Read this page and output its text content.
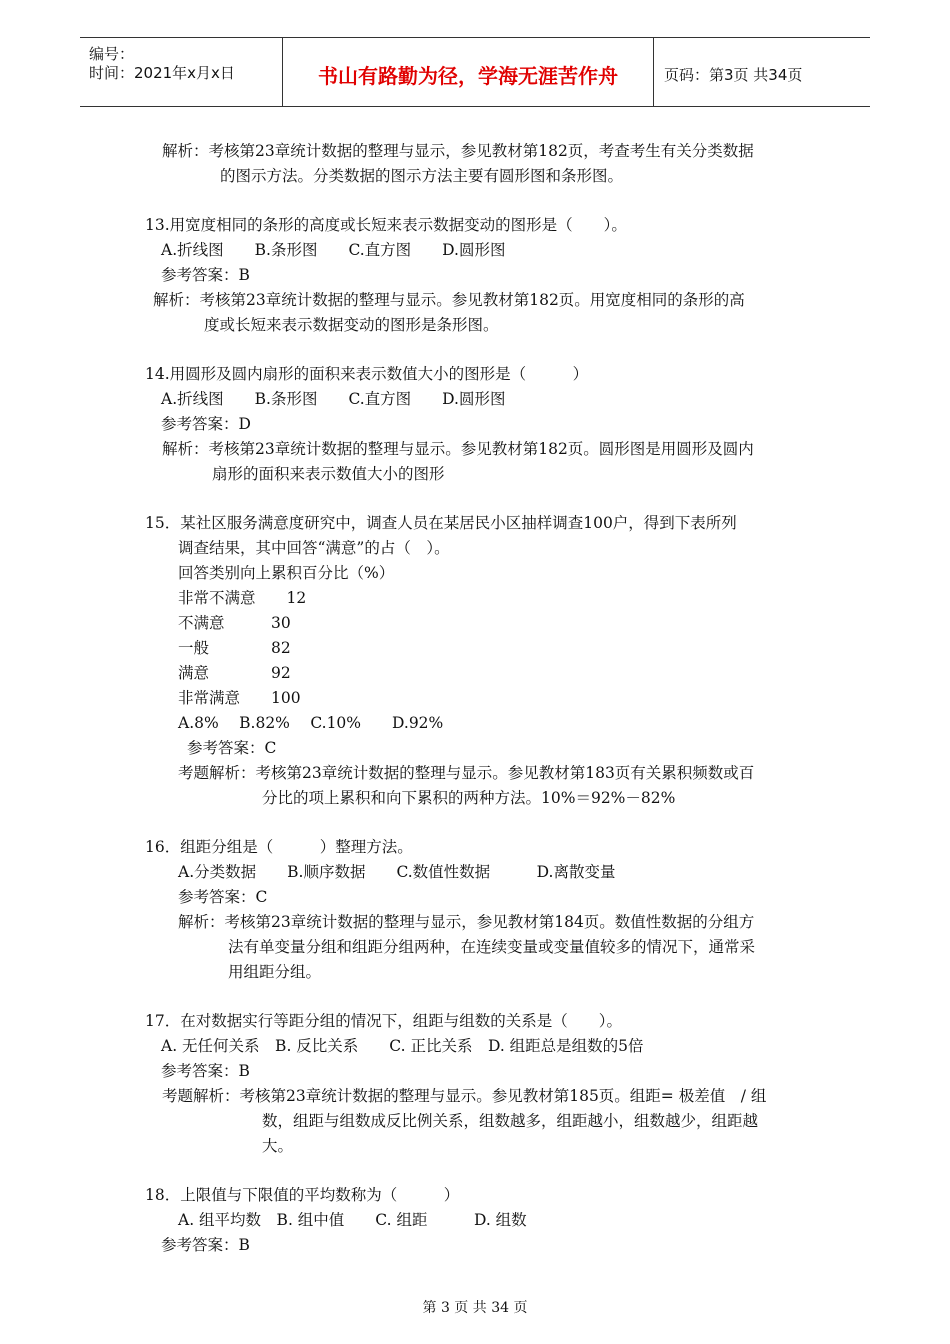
编号：
时间：2021年x月x日	书山有路勤为径，学海无涯苦作舟	页码：第3页 共34页
解析：考核第23章统计数据的整理与显示，参见教材第182页，考查考生有关分类数据
的图示方法。分类数据的图示方法主要有圆形图和条形图。
13.用宽度相同的条形的高度或长短来表示数据变动的图形是（　　）。
A.折线图　　B.条形图　　C.直方图　　D.圆形图
参考答案：B
解析：考核第23章统计数据的整理与显示。参见教材第182页。用宽度相同的条形的高
度或长短来表示数据变动的图形是条形图。
14.用圆形及圆内扇形的面积来表示数值大小的图形是（　　　）
A.折线图　　B.条形图　　C.直方图　　D.圆形图
参考答案：D
解析：考核第23章统计数据的整理与显示。参见教材第182页。圆形图是用圆形及圆内
扇形的面积来表示数值大小的图形
15．某社区服务满意度研究中，调查人员在某居民小区抽样调查100户，得到下表所列
调查结果，其中回答“满意”的占（　）。
回答类别向上累积百分比（%）
非常不满意　　12
不满意　　　30
一般　　　　82
满意　　　　92
非常满意　　100
A.8%　 B.82%　 C.10%　　D.92%
参考答案：C
考题解析：考核第23章统计数据的整理与显示。参见教材第183页有关累积频数或百
分比的项上累积和向下累积的两种方法。10%＝92%－82%
16．组距分组是（　　　）整理方法。
A.分类数据　　B.顺序数据　　C.数值性数据　　　D.离散变量
参考答案：C
解析：考核第23章统计数据的整理与显示，参见教材第184页。数值性数据的分组方
法有单变量分组和组距分组两种，在连续变量或变量值较多的情况下，通常采
用组距分组。
17．在对数据实行等距分组的情况下，组距与组数的关系是（　　）。
A. 无任何关系　B. 反比关系　　C. 正比关系　D. 组距总是组数的5倍
参考答案：B
考题解析：考核第23章统计数据的整理与显示。参见教材第185页。组距= 极差值　/ 组
数，组距与组数成反比例关系，组数越多，组距越小，组数越少，组距越
大。
18．上限值与下限值的平均数称为（　　　）
A. 组平均数　B. 组中值　　C. 组距　　　D. 组数
参考答案：B
第 3 页 共 34 页
